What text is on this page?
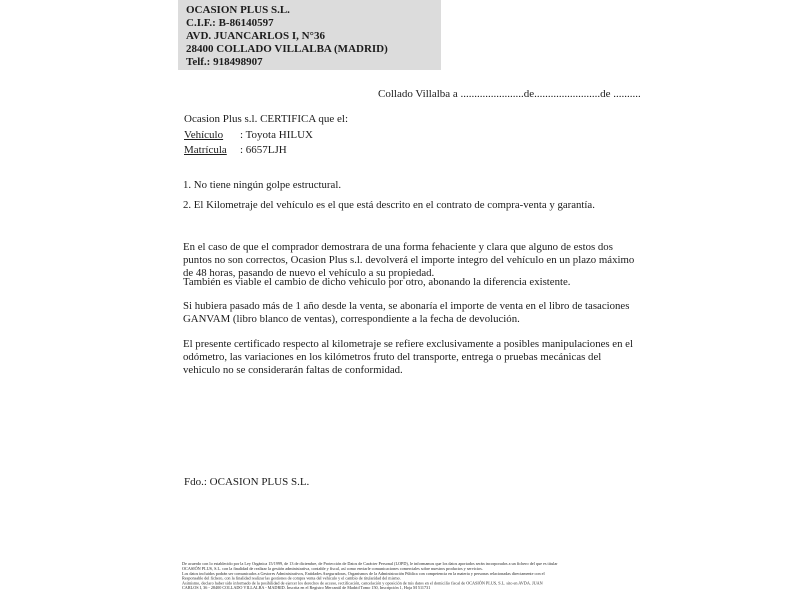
OCASION PLUS S.L.
C.I.F.: B-86140597
AVD. JUANCARLOS I, N°36
28400 COLLADO VILLALBA (MADRID)
Telf.: 918498907
Collado Villalba a .......................de........................de ..........
Ocasion Plus s.l. CERTIFICA que el:
Vehículo : Toyota HILUX
Matrícula : 6657LJH
1. No tiene ningún golpe estructural.
2. El Kilometraje del vehículo es el que está descrito en el contrato de compra-venta y garantía.
En el caso de que el comprador demostrara de una forma fehaciente y clara que alguno de estos dos puntos no son correctos, Ocasion Plus s.l. devolverá el importe integro del vehículo en un plazo máximo de 48 horas, pasando de nuevo el vehículo a su propiedad.
También es viable el cambio de dicho vehiculo por otro, abonando la diferencia existente.
Si hubiera pasado más de 1 año desde la venta, se abonaría el importe de venta en el libro de tasaciones GANVAM (libro blanco de ventas), correspondiente a la fecha de devolución.
El presente certificado respecto al kilometraje se refiere exclusivamente a posibles manipulaciones en el odómetro, las variaciones en los kilómetros fruto del transporte, entrega o pruebas mecánicas del vehiculo no se considerarán faltas de conformidad.
Fdo.: OCASION PLUS S.L.
De acuerdo con lo establecido por la Ley Orgánica 15/1999, de 13 de diciembre, de Protección de Datos de Carácter Personal (LOPD), le informamos que los datos aportados serán incorporados a un fichero del que es titular
OCASIÓN PLUS, S.L. con la finalidad de realizar la gestión administrativa, contable y fiscal, así como enviarle comunicaciones comerciales sobre nuestros productos y servicios.
Los datos incluidos podrán ser comunicados a Gestores Administrativos, Entidades Aseguradoras, Organismos de la Administración Pública con competencia en la materia y personas relacionadas directamente con el
Responsable del fichero, con la finalidad realizar las gestiones de compra venta del vehículo y el cambio de titularidad del mismo.
Asimismo, declaro haber sido informado de la posibilidad de ejercer los derechos de acceso, rectificación, cancelación y oposición de mis datos en el domicilio fiscal de OCASIÓN PLUS, S.L. sito en AVDA. JUAN
CARLOS I, 36 - 28400 COLLADO VILLALBA - MADRID. Inscrita en el Registro Mercantil de Madrid Tomo 150, Inscripción 1, Hoja M 511731
